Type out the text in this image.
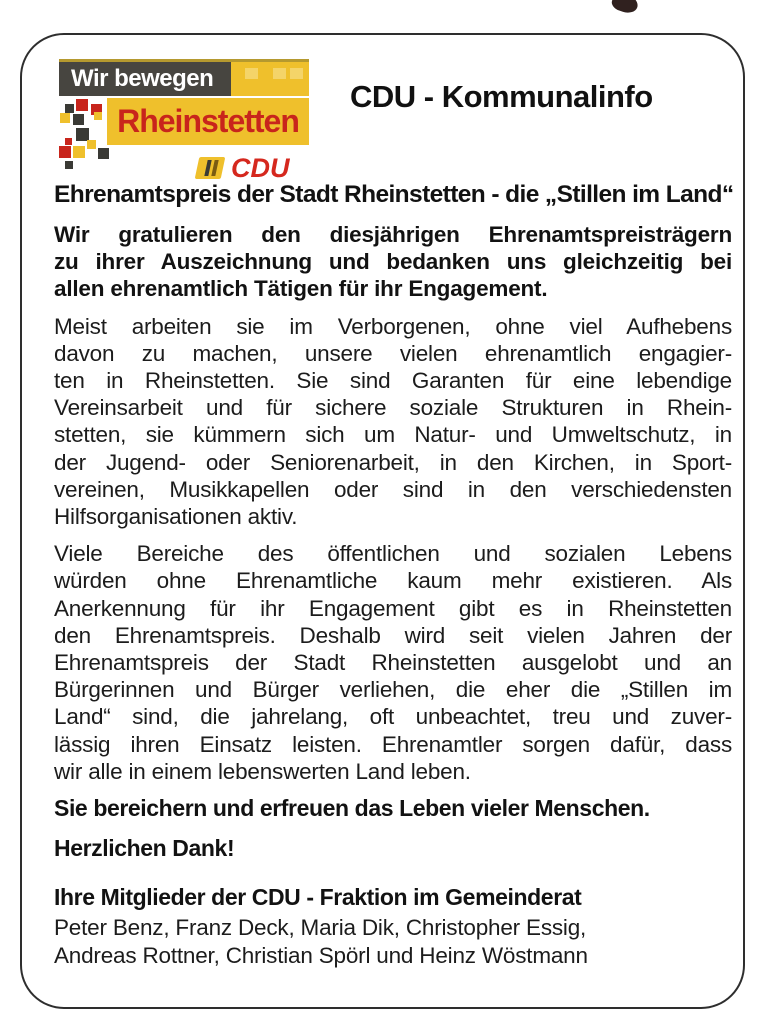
Wir bewegen
Rheinstetten
CDU
CDU - Kommunalinfo
Ehrenamtspreis der Stadt Rheinstetten - die „Stillen im Land“
Wir gratulieren den diesjährigen Ehrenamtspreisträgern
zu ihrer Auszeichnung und bedanken uns gleichzeitig bei
allen ehrenamtlich Tätigen für ihr Engagement.
Meist arbeiten sie im Verborgenen, ohne viel Aufhebens
davon zu machen, unsere vielen ehrenamtlich engagier-
ten in Rheinstetten. Sie sind Garanten für eine lebendige
Vereinsarbeit und für sichere soziale Strukturen in Rhein-
stetten, sie kümmern sich um Natur- und Umweltschutz, in
der Jugend- oder Seniorenarbeit, in den Kirchen, in Sport-
vereinen, Musikkapellen oder sind in den verschiedensten
Hilfsorganisationen aktiv.
Viele Bereiche des öffentlichen und sozialen Lebens
würden ohne Ehrenamtliche kaum mehr existieren. Als
Anerkennung für ihr Engagement gibt es in Rheinstetten
den Ehrenamtspreis. Deshalb wird seit vielen Jahren der
Ehrenamtspreis der Stadt Rheinstetten ausgelobt und an
Bürgerinnen und Bürger verliehen, die eher die „Stillen im
Land“ sind, die jahrelang, oft unbeachtet, treu und zuver-
lässig ihren Einsatz leisten. Ehrenamtler sorgen dafür, dass
wir alle in einem lebenswerten Land leben.
Sie bereichern und erfreuen das Leben vieler Menschen.
Herzlichen Dank!
Ihre Mitglieder der CDU - Fraktion im Gemeinderat
Peter Benz, Franz Deck, Maria Dik, Christopher Essig,
Andreas Rottner, Christian Spörl und Heinz Wöstmann
